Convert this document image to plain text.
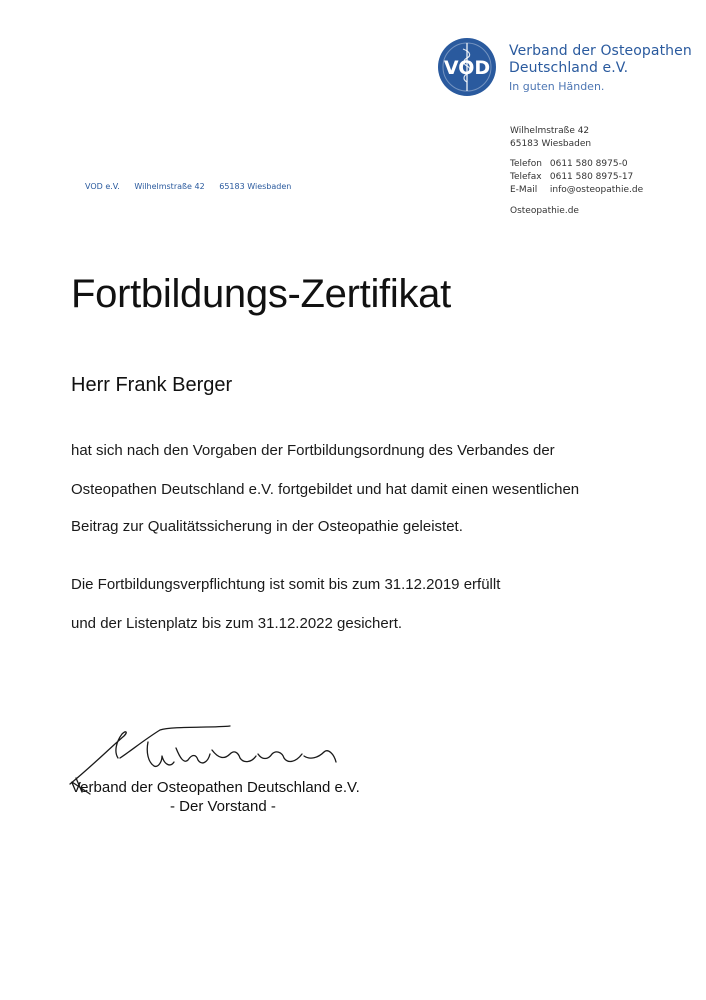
VOD
Verband der Osteopathen
Deutschland e.V.
In guten Händen.
VOD e.V. Wilhelmstraße 42 65183 Wiesbaden
Wilhelmstraße 42
65183 Wiesbaden
Telefon 0611 580 8975-0
Telefax 0611 580 8975-17
E-Mail info@osteopathie.de
Osteopathie.de
Fortbildungs-Zertifikat
Herr Frank Berger
hat sich nach den Vorgaben der Fortbildungsordnung des Verbandes der
Osteopathen Deutschland e.V. fortgebildet und hat damit einen wesentlichen
Beitrag zur Qualitätssicherung in der Osteopathie geleistet.
Die Fortbildungsverpflichtung ist somit bis zum 31.12.2019 erfüllt
und der Listenplatz bis zum 31.12.2022 gesichert.
Verband der Osteopathen Deutschland e.V.
- Der Vorstand -
